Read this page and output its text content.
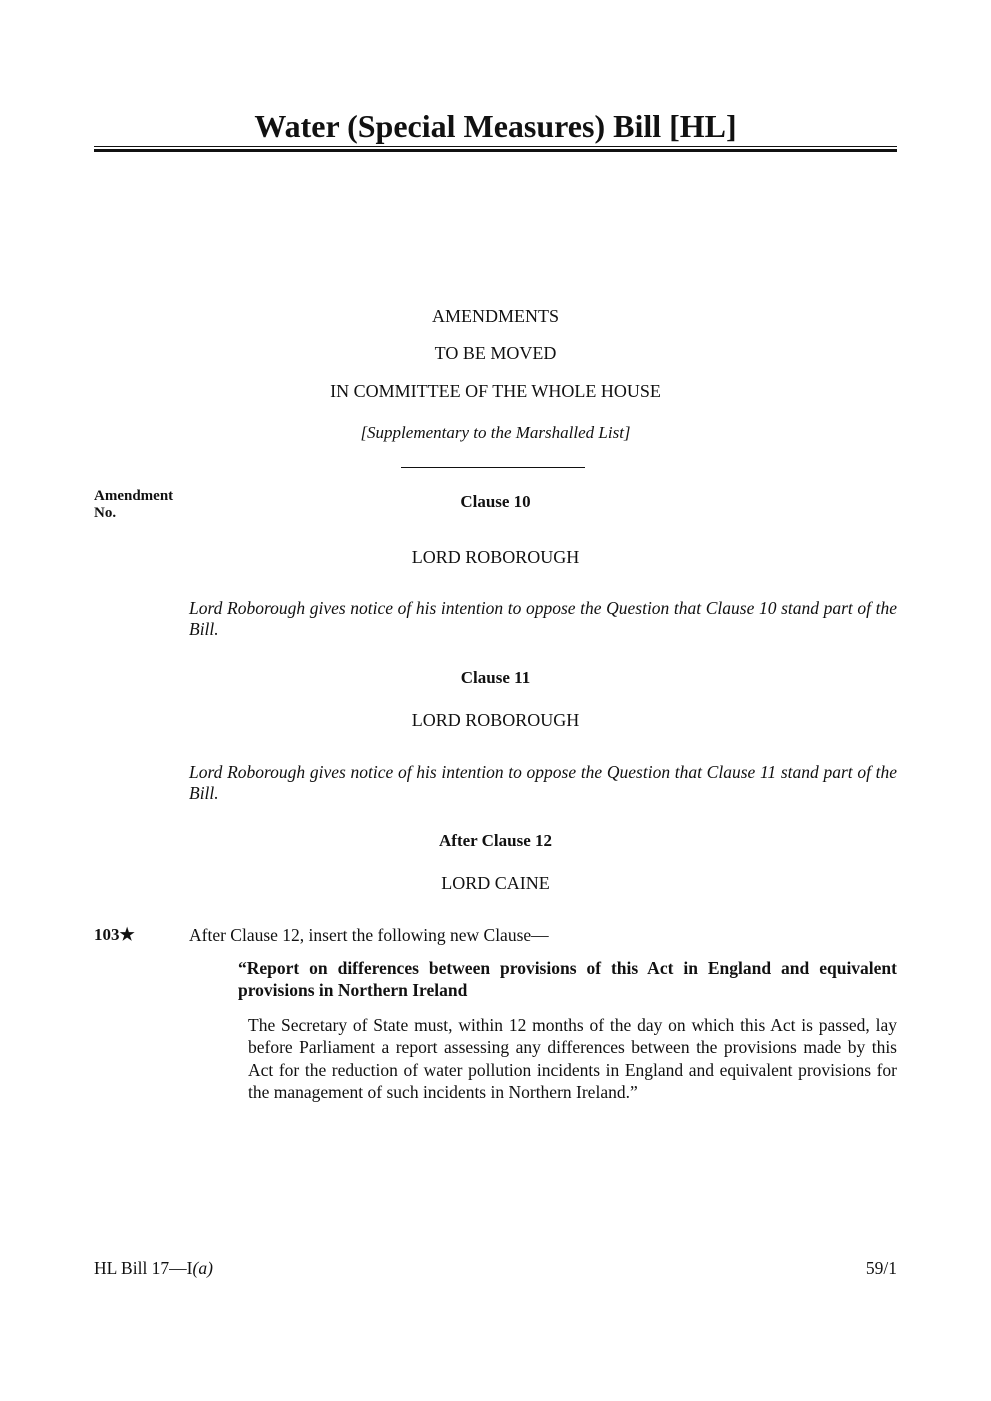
Water (Special Measures) Bill [HL]
AMENDMENTS
TO BE MOVED
IN COMMITTEE OF THE WHOLE HOUSE
[Supplementary to the Marshalled List]
Amendment
No.
Clause 10
LORD ROBOROUGH
Lord Roborough gives notice of his intention to oppose the Question that Clause 10 stand part of the Bill.
Clause 11
LORD ROBOROUGH
Lord Roborough gives notice of his intention to oppose the Question that Clause 11 stand part of the Bill.
After Clause 12
LORD CAINE
103★	After Clause 12, insert the following new Clause—
“Report on differences between provisions of this Act in England and equivalent provisions in Northern Ireland
The Secretary of State must, within 12 months of the day on which this Act is passed, lay before Parliament a report assessing any differences between the provisions made by this Act for the reduction of water pollution incidents in England and equivalent provisions for the management of such incidents in Northern Ireland.”
HL Bill 17—I(a)	59/1
